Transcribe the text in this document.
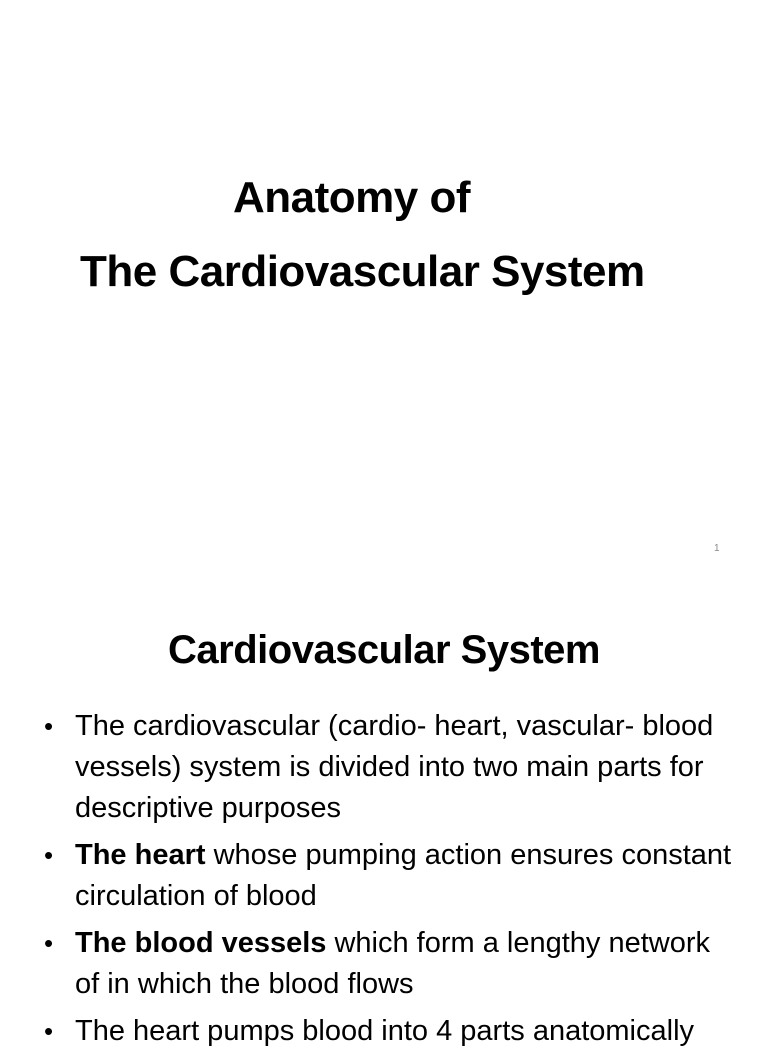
Anatomy of
The Cardiovascular System
1
Cardiovascular System
• The cardiovascular (cardio- heart, vascular- blood vessels) system is divided into two main parts for descriptive purposes
• The heart whose pumping action ensures constant circulation of blood
• The blood vessels which form a lengthy network of in which the blood flows
• The heart pumps blood into 4 parts anatomically
